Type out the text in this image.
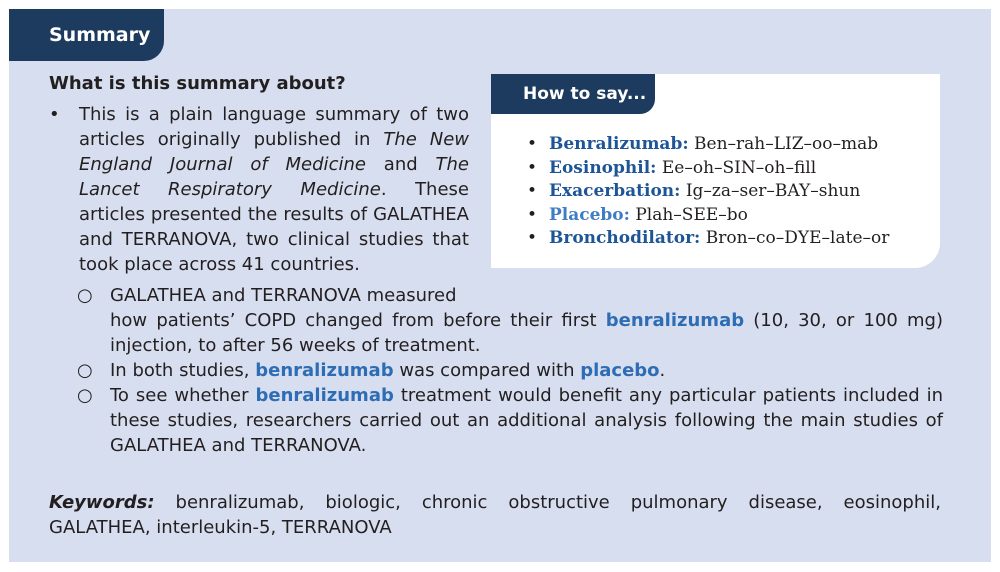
Summary
What is this summary about?
• This is a plain language summary of two articles originally published in The New England Journal of Medicine and The Lancet Respiratory Medicine. These articles presented the results of GALATHEA and TERRANOVA, two clinical studies that took place across 41 countries.
How to say...
• Benralizumab: Ben–rah–LIZ–oo–mab
• Eosinophil: Ee–oh–SIN–oh–fill
• Exacerbation: Ig–za–ser–BAY–shun
• Placebo: Plah–SEE–bo
• Bronchodilator: Bron–co–DYE–late–or
○ GALATHEA and TERRANOVA measured
how patients’ COPD changed from before their first benralizumab (10, 30, or 100 mg) injection, to after 56 weeks of treatment.
○ In both studies, benralizumab was compared with placebo.
○ To see whether benralizumab treatment would benefit any particular patients included in these studies, researchers carried out an additional analysis following the main studies of GALATHEA and TERRANOVA.
Keywords: benralizumab, biologic, chronic obstructive pulmonary disease, eosinophil, GALATHEA, interleukin-5, TERRANOVA
